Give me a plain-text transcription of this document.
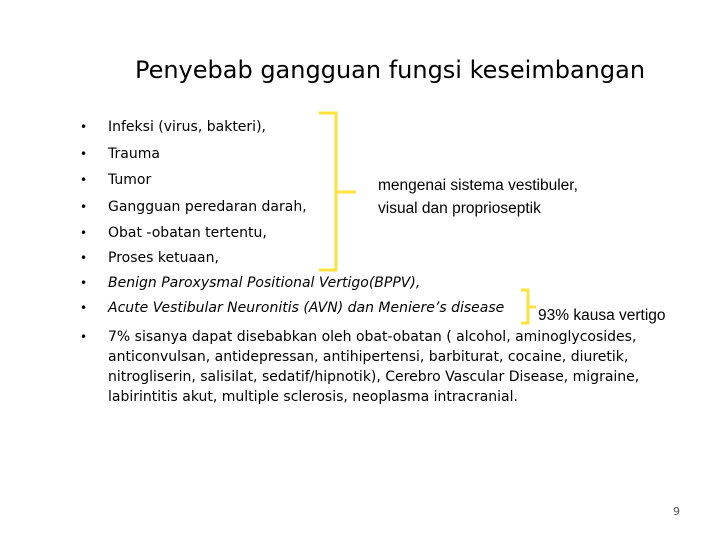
Penyebab gangguan fungsi keseimbangan
• Infeksi (virus, bakteri),
• Trauma
• Tumor
• Gangguan peredaran darah,
• Obat -obatan tertentu,
• Proses ketuaan,
• Benign Paroxysmal Positional Vertigo(BPPV),
• Acute Vestibular Neuronitis (AVN) dan Meniere’s disease
• 7% sisanya dapat disebabkan oleh obat-obatan ( alcohol, aminoglycosides, anticonvulsan, antidepressan, antihipertensi, barbiturat, cocaine, diuretik, nitrogliserin, salisilat, sedatif/hipnotik), Cerebro Vascular Disease, migraine, labirintitis akut, multiple sclerosis, neoplasma intracranial.
mengenai sistema vestibuler,
visual dan proprioseptik
93% kausa vertigo
9
